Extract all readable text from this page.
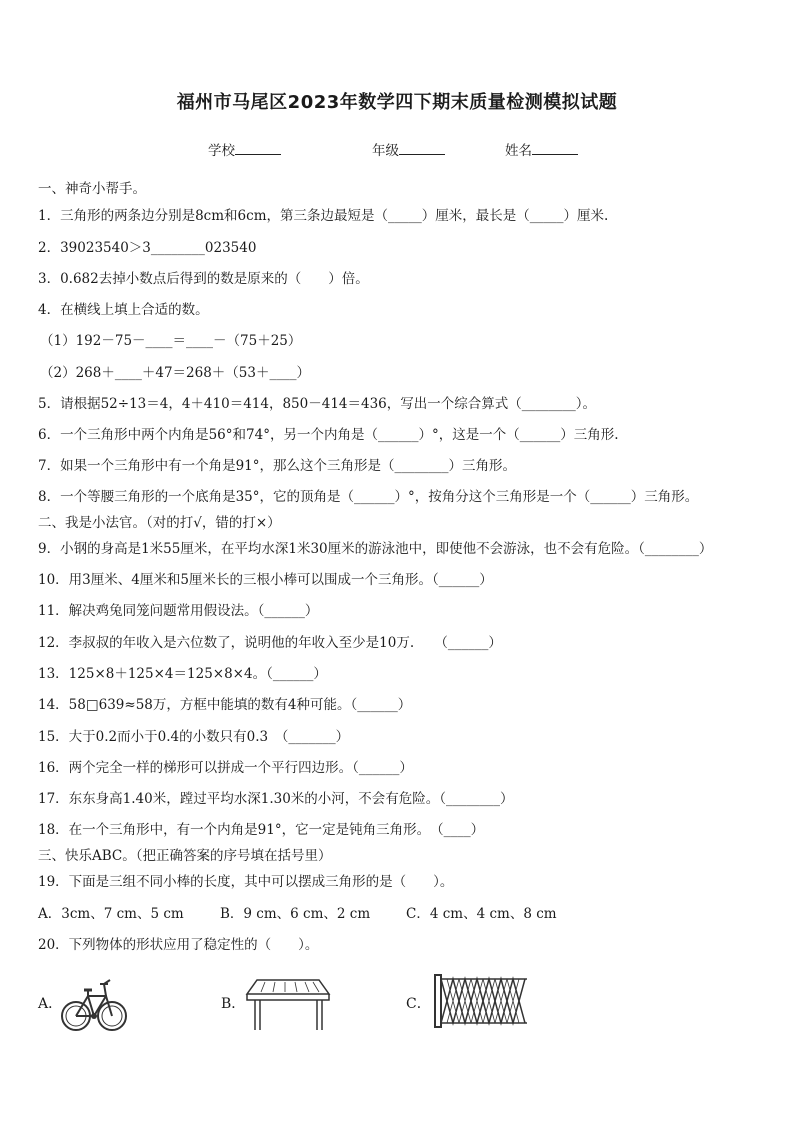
福州市马尾区2023年数学四下期末质量检测模拟试题
学校	年级	姓名
一、神奇小帮手。
1．三角形的两条边分别是8cm和6cm，第三条边最短是（_____）厘米，最长是（_____）厘米.
2．39023540＞3________023540
3．0.682去掉小数点后得到的数是原来的（　　）倍。
4．在横线上填上合适的数。
（1）192－75－____＝____－（75＋25）
（2）268＋____＋47＝268＋（53＋____）
5．请根据52÷13＝4，4＋410＝414，850－414＝436，写出一个综合算式（________）。
6．一个三角形中两个内角是56°和74°，另一个内角是（______）°，这是一个（______）三角形.
7．如果一个三角形中有一个角是91°，那么这个三角形是（________）三角形。
8．一个等腰三角形的一个底角是35°，它的顶角是（______）°，按角分这个三角形是一个（______）三角形。
二、我是小法官。（对的打√，错的打×）
9．小钢的身高是1米55厘米，在平均水深1米30厘米的游泳池中，即使他不会游泳，也不会有危险。（________）
10．用3厘米、4厘米和5厘米长的三根小棒可以围成一个三角形。（______）
11．解决鸡兔同笼问题常用假设法。（______）
12．李叔叔的年收入是六位数了，说明他的年收入至少是10万.　　（______）
13．125×8＋125×4＝125×8×4。（______）
14．58□639≈58万，方框中能填的数有4种可能。（______）
15．大于0.2而小于0.4的小数只有0.3　（_______）
16．两个完全一样的梯形可以拼成一个平行四边形。（______）
17．东东身高1.40米，蹚过平均水深1.30米的小河，不会有危险。（________）
18．在一个三角形中，有一个内角是91°，它一定是钝角三角形。　（____）
三、快乐ABC。（把正确答案的序号填在括号里）
19．下面是三组不同小棒的长度，其中可以摆成三角形的是（　　）。
A．3cm、7 cm、5 cm	B．9 cm、6 cm、2 cm	C．4 cm、4 cm、8 cm
20．下列物体的形状应用了稳定性的（　　）。
A．	B．	C．
